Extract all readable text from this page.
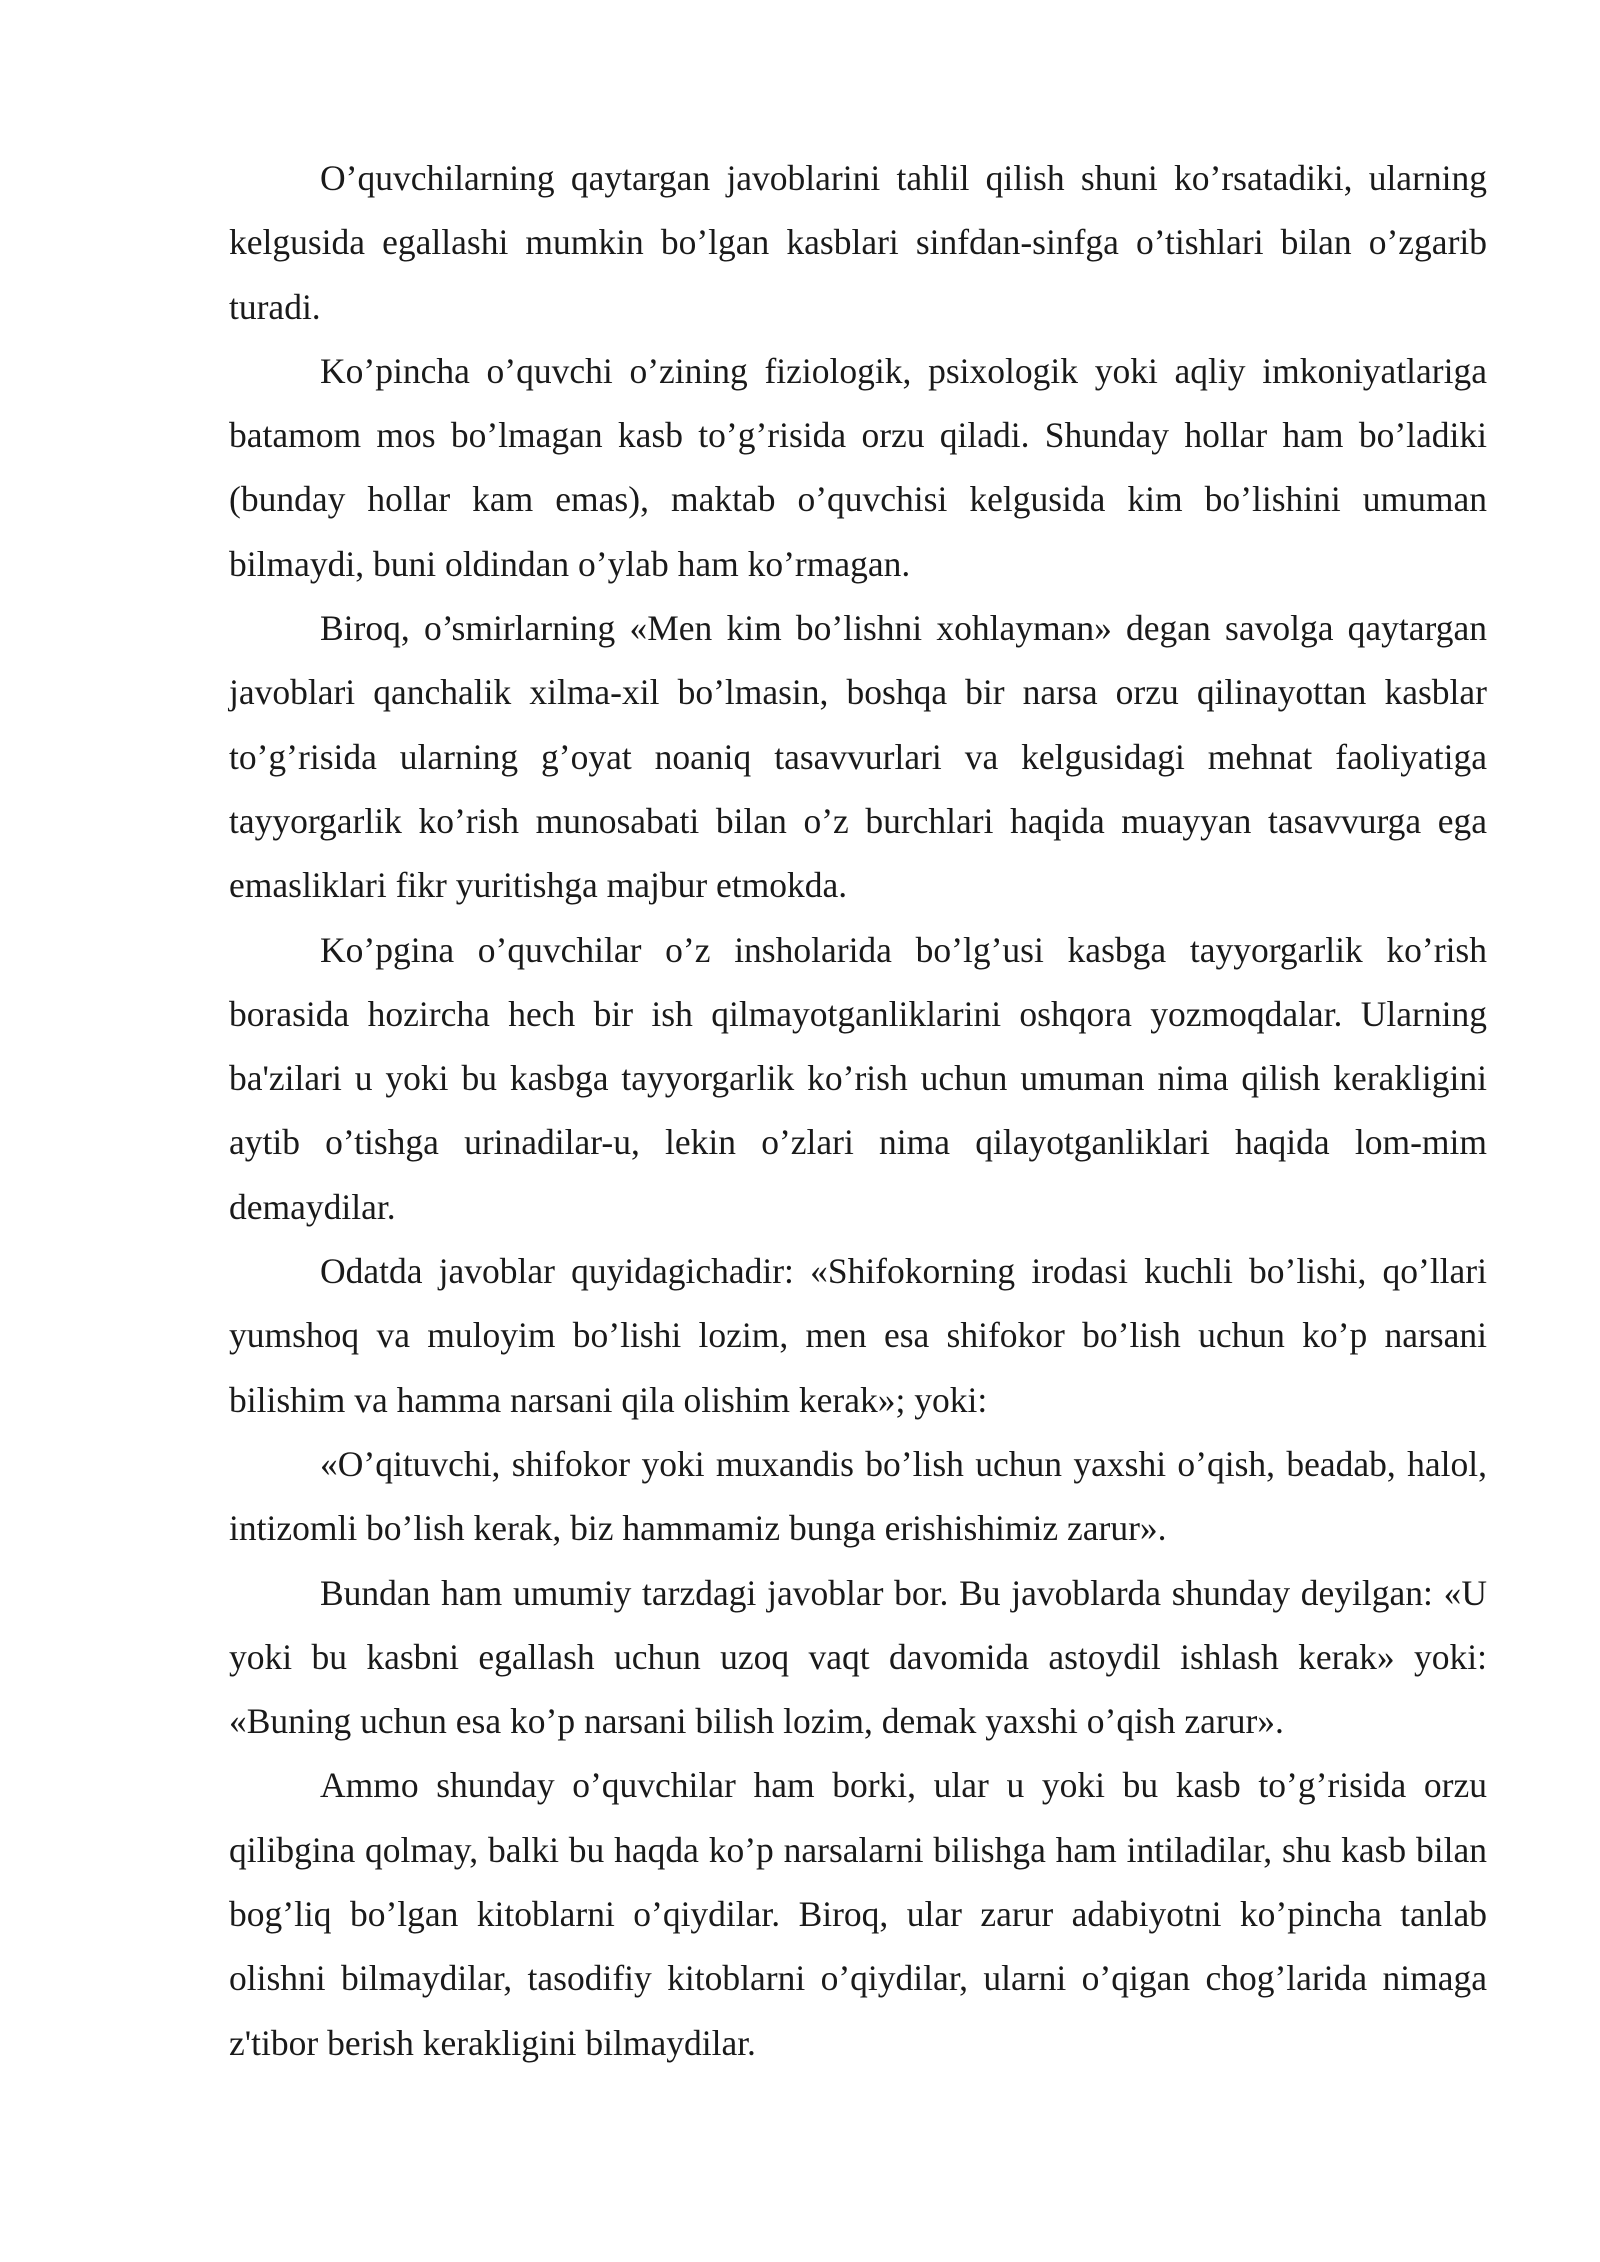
O’quvchilarning qaytargan javoblarini tahlil qilish shuni ko’rsatadiki, ularning kelgusida egallashi mumkin bo’lgan kasblari sinfdan-sinfga o’tishlari bilan o’zgarib turadi.

Ko’pincha o’quvchi o’zining fiziologik, psixologik yoki aqliy imkoniyatlariga batamom mos bo’lmagan kasb to’g’risida orzu qiladi. Shunday hollar ham bo’ladiki (bunday hollar kam emas), maktab o’quvchisi kelgusida kim bo’lishini umuman bilmaydi, buni oldindan o’ylab ham ko’rmagan.

Biroq, o’smirlarning «Men kim bo’lishni xohlayman» degan savolga qaytargan javoblari qanchalik xilma-xil bo’lmasin, boshqa bir narsa orzu qilinayottan kasblar to’g’risida ularning g’oyat noaniq tasavvurlari va kelgusidagi mehnat faoliyatiga tayyorgarlik ko’rish munosabati bilan o’z burchlari haqida muayyan tasavvurga ega emasliklari fikr yuritishga majbur etmokda.

Ko’pgina o’quvchilar o’z insholarida bo’lg’usi kasbga tayyorgarlik ko’rish borasida hozircha hech bir ish qilmayotganliklarini oshqora yozmoqdalar. Ularning ba'zilari u yoki bu kasbga tayyorgarlik ko’rish uchun umuman nima qilish kerakligini aytib o’tishga urinadilar-u, lekin o’zlari nima qilayotganliklari haqida lom-mim demaydilar.

Odatda javoblar quyidagichadir: «Shifokorning irodasi kuchli bo’lishi, qo’llari yumshoq va muloyim bo’lishi lozim, men esa shifokor bo’lish uchun ko’p narsani bilishim va hamma narsani qila olishim kerak»; yoki:

«O’qituvchi, shifokor yoki muxandis bo’lish uchun yaxshi o’qish, beadab, halol, intizomli bo’lish kerak, biz hammamiz bunga erishishimiz zarur».

Bundan ham umumiy tarzdagi javoblar bor. Bu javoblarda shunday deyilgan: «U yoki bu kasbni egallash uchun uzoq vaqt davomida astoydil ishlash kerak» yoki: «Buning uchun esa ko’p narsani bilish lozim, demak yaxshi o’qish zarur».

Ammo shunday o’quvchilar ham borki, ular u yoki bu kasb to’g’risida orzu qilibgina qolmay, balki bu haqda ko’p narsalarni bilishga ham intiladilar, shu kasb bilan bog’liq bo’lgan kitoblarni o’qiydilar. Biroq, ular zarur adabiyotni ko’pincha tanlab olishni bilmaydilar, tasodifiy kitoblarni o’qiydilar, ularni o’qigan chog’larida nimaga z'tibor berish kerakligini bilmaydilar.
